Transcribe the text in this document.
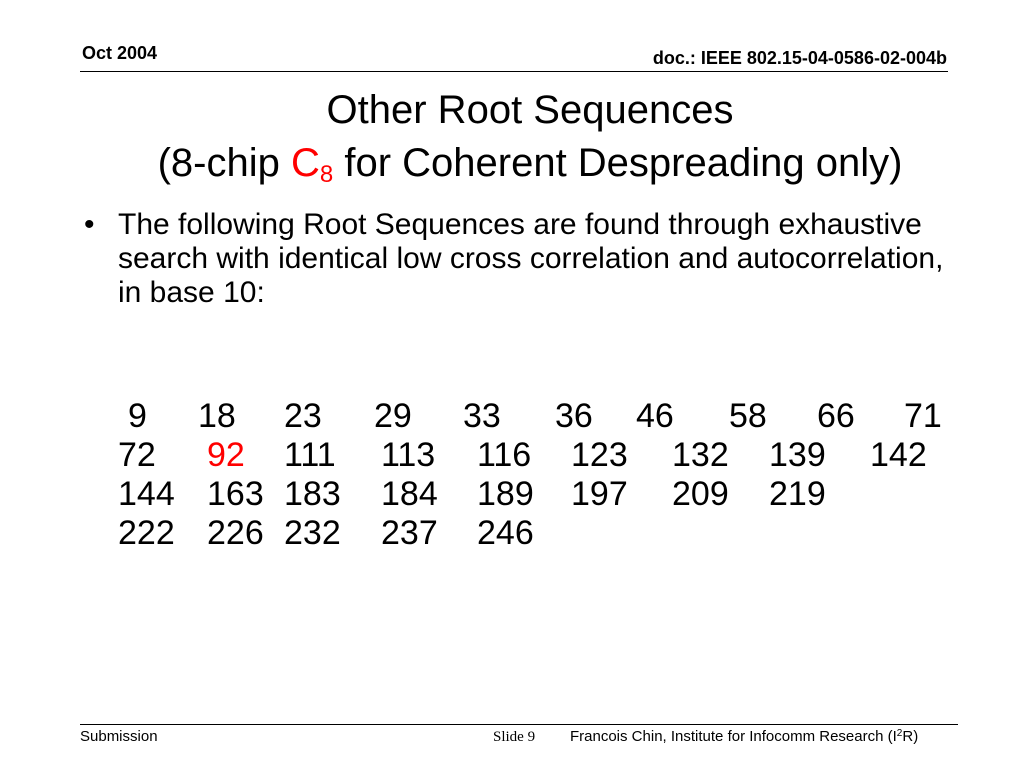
Oct 2004	doc.: IEEE 802.15-04-0586-02-004b
Other Root Sequences
(8-chip $C_8$ for Coherent Despreading only)
• The following Root Sequences are found through exhaustive search with identical low cross correlation and autocorrelation, in base 10:
9 18 23 29 33 36 46 58 66 71
72 92 111 113 116 123 132 139 142
144 163 183 184 189 197 209 219
222 226 232 237 246
Submission	Slide 9 Francois Chin, Institute for Infocomm Research $(I^2R)$
